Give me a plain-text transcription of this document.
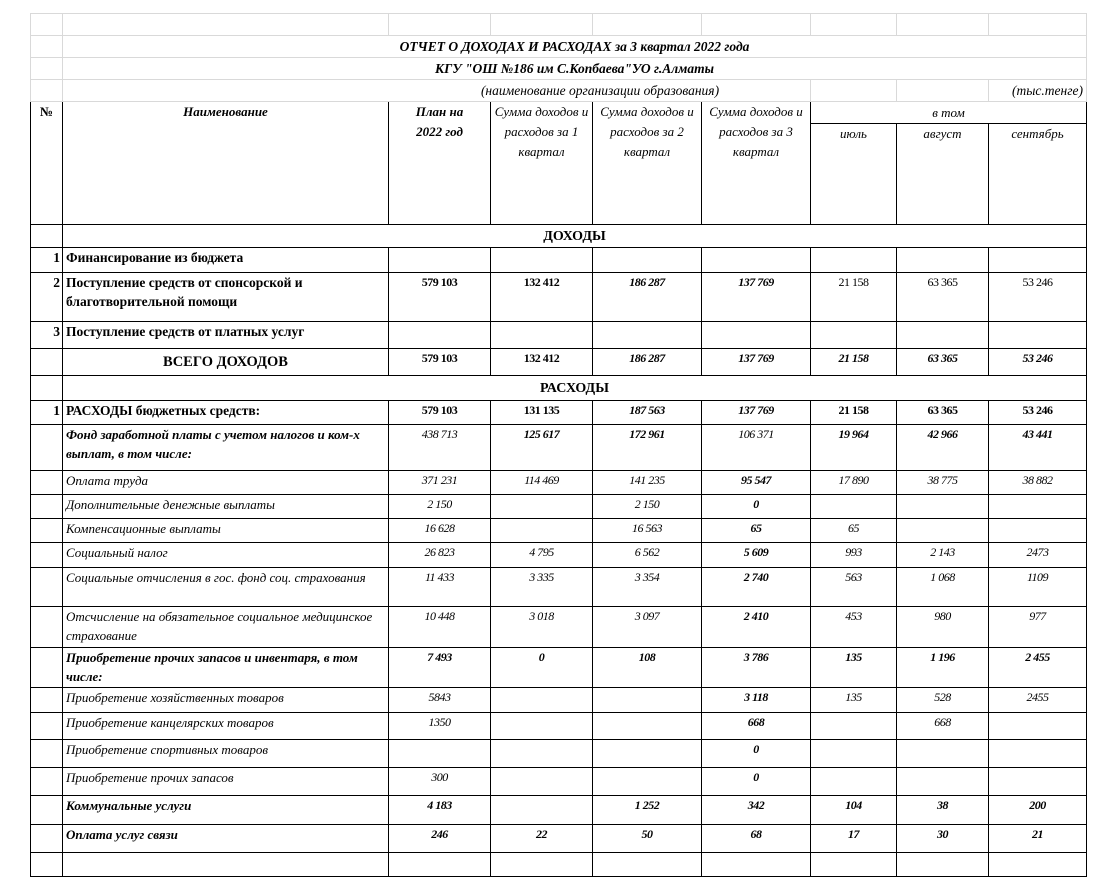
	ОТЧЕТ О ДОХОДАХ И РАСХОДАХ за 3 квартал 2022 года							
	КГУ "ОШ №186 им С.Копбаева"УО г.Алматы							
	(наименование организации образования)							(тыс.тенге)
№	Наименование	План на 2022 год	Сумма доходов и расходов за 1 квартал	Сумма доходов и расходов за 2 квартал	Сумма доходов и расходов за 3 квартал	в том		
						июль	август	сентябрь
	ДОХОДЫ							
1	Финансирование из бюджета							
2	Поступление средств от спонсорской и благотворительной помощи	579 103	132 412	186 287	137 769	21 158	63 365	53 246
3	Поступление средств от платных услуг							
	ВСЕГО ДОХОДОВ	579 103	132 412	186 287	137 769	21 158	63 365	53 246
	РАСХОДЫ							
1	РАСХОДЫ бюджетных средств:	579 103	131 135	187 563	137 769	21 158	63 365	53 246
	Фонд заработной платы с учетом налогов и ком-х выплат, в том числе:	438 713	125 617	172 961	106 371	19 964	42 966	43 441
	Оплата труда	371 231	114 469	141 235	95 547	17 890	38 775	38 882
	Дополнительные денежные выплаты	2 150		2 150	0			
	Компенсационные выплаты	16 628		16 563	65	65		
	Социальный налог	26 823	4 795	6 562	5 609	993	2 143	2473
	Социальные отчисления в гос. фонд соц. страхования	11 433	3 335	3 354	2 740	563	1 068	1109
	Отсчисление на обязательное социальное медицинское страхование	10 448	3 018	3 097	2 410	453	980	977
	Приобретение прочих запасов и инвентаря, в том числе:	7 493	0	108	3 786	135	1 196	2 455
	Приобретение хозяйственных товаров	5843			3 118	135	528	2455
	Приобретение канцелярских товаров	1350			668		668	
	Приобретение спортивных товаров				0			
	Приобретение прочих запасов	300			0			
	Коммунальные услуги	4 183		1 252	342	104	38	200
	Оплата услуг связи	246	22	50	68	17	30	21
